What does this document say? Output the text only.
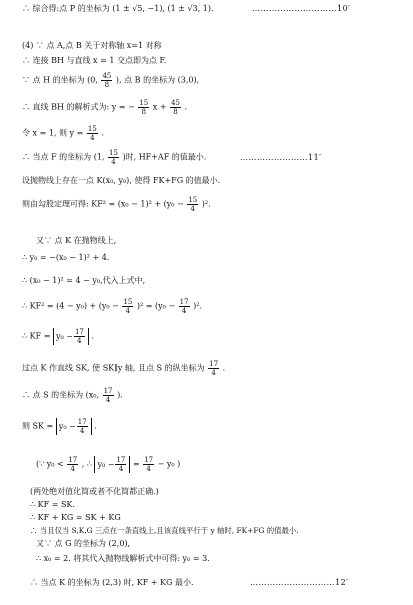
∴ 综合得:点 P 的坐标为 (1 ± √5, −1), (1 ± √3, 1).	…………………………10′
(4) ∵ 点 A,点 B 关于对称轴 x=1 对称
∴ 连接 BH 与直线 x = 1 交点即为点 F.
∵ 点 H 的坐标为 (0, $\frac{45}{8}$ ), 点 B 的坐标为 (3,0),
∴ 直线 BH 的解析式为: y = − $\frac{15}{8}$ $x + \frac{45}{8}$ .
令 x = 1, 则 $y = \frac{15}{4}$ .
∴ 当点 F 的坐标为 (1, $\frac{15}{4}$ )时, HF+AF 的值最小.	……………………11′
设抛物线上存在一点 K(x₀, y₀), 使得 FK+FG 的值最小.
则由勾股定理可得: $KF^2 = (x_0 - 1)^2 + (y_0 - \frac{15}{4} )^2$.
又∵ 点 K 在抛物线上,
∴ y₀ = −(x₀ − 1)² + 4.
∴ (x₀ − 1)² = 4 − y₀,代入上式中,
∴ $KF^2 = (4 - y_0) + (y_0 - \frac{15}{4} )^2 = (y_0 - \frac{17}{4} )^2$.
∴ KF = $y_0 - \frac{17}{4}$ .
过点 K 作直线 SK, 使 SK∥y 轴, 且点 S 的纵坐标为 $\frac{17}{4}$ .
∴ 点 S 的坐标为 (x₀, $\frac{17}{4}$ ).
则 SK = $y_0 - \frac{17}{4}$ .
(∵ $y_0 < \frac{17}{4}$ , ∴ $y_0 - \frac{17}{4} = \frac{17}{4} - y_0$ )
(两处绝对值化简或者不化简都正确.)
∴ KF = SK.
∴ KF + KG = SK + KG
∴ 当且仅当 S,K,G 三点在一条直线上,且该直线平行于 y 轴时, FK+FG 的值最小.
又∵ 点 G 的坐标为 (2,0),
∴ x₀ = 2. 将其代入抛物线解析式中可得: y₀ = 3.
∴ 当点 K 的坐标为 (2,3) 时, KF + KG 最小.	…………………………12′
